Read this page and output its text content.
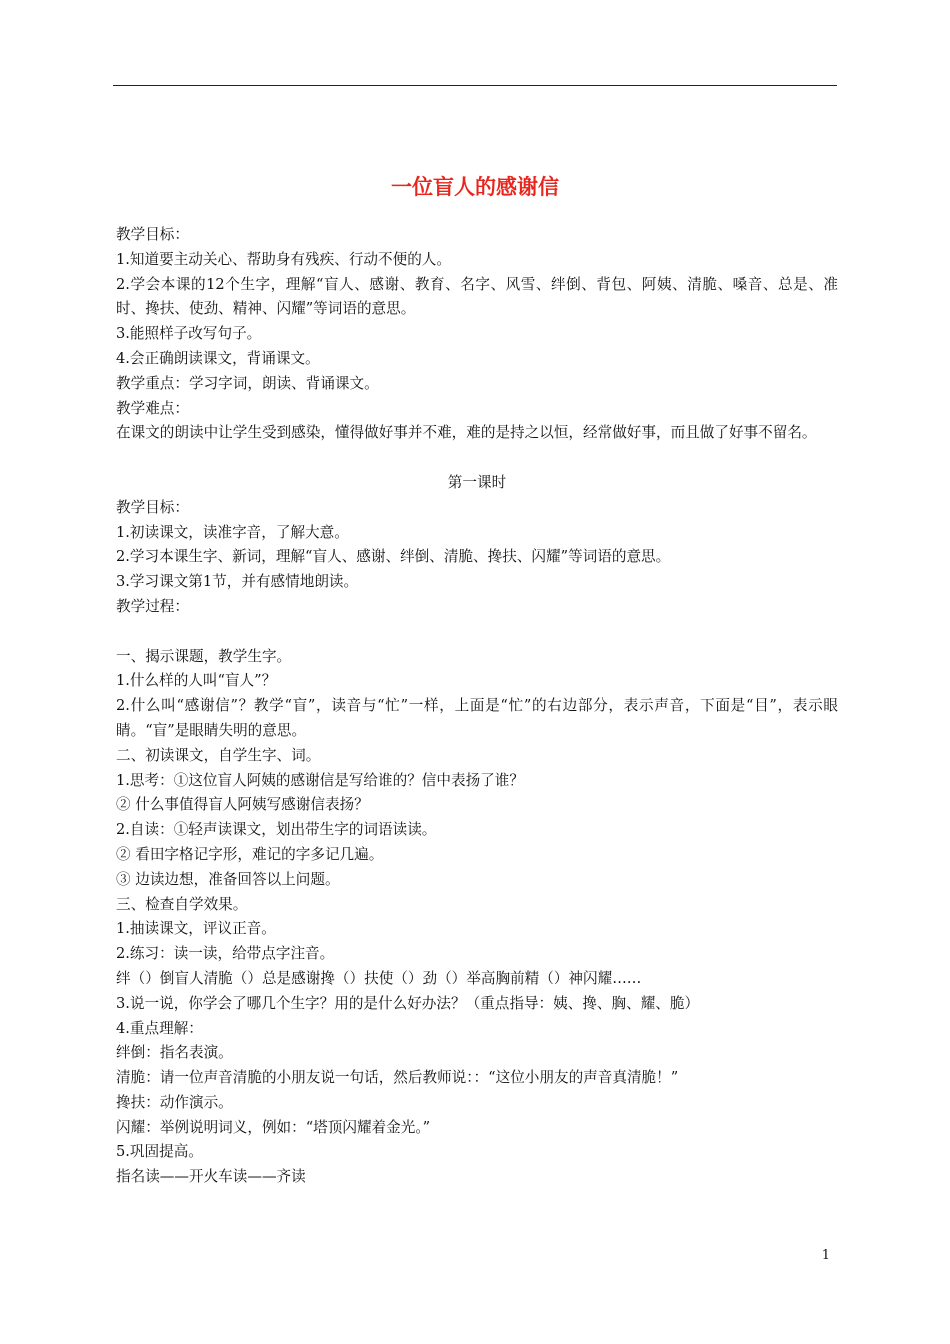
一位盲人的感谢信
教学目标：
1.知道要主动关心、帮助身有残疾、行动不便的人。
2.学会本课的12个生字，理解“盲人、感谢、教育、名字、风雪、绊倒、背包、阿姨、清脆、嗓音、总是、准时、搀扶、使劲、精神、闪耀”等词语的意思。
3.能照样子改写句子。
4.会正确朗读课文，背诵课文。
教学重点：学习字词，朗读、背诵课文。
教学难点：
在课文的朗读中让学生受到感染，懂得做好事并不难，难的是持之以恒，经常做好事，而且做了好事不留名。
第一课时
教学目标：
1.初读课文，读准字音，了解大意。
2.学习本课生字、新词，理解“盲人、感谢、绊倒、清脆、搀扶、闪耀”等词语的意思。
3.学习课文第1节，并有感情地朗读。
教学过程：
一、揭示课题，教学生字。
1.什么样的人叫“盲人”？
2.什么叫“感谢信”？教学“盲”，读音与“忙”一样，上面是“忙”的右边部分，表示声音，下面是“目”，表示眼睛。“盲”是眼睛失明的意思。
二、初读课文，自学生字、词。
1.思考：①这位盲人阿姨的感谢信是写给谁的？信中表扬了谁？
② 什么事值得盲人阿姨写感谢信表扬？
2.自读：①轻声读课文，划出带生字的词语读读。
② 看田字格记字形，难记的字多记几遍。
③ 边读边想，准备回答以上问题。
三、检查自学效果。
1.抽读课文，评议正音。
2.练习：读一读，给带点字注音。
绊（）倒盲人清脆（）总是感谢搀（）扶使（）劲（）举高胸前精（）神闪耀……
3.说一说，你学会了哪几个生字？用的是什么好办法？（重点指导：姨、搀、胸、耀、脆）
4.重点理解：
绊倒：指名表演。
清脆：请一位声音清脆的小朋友说一句话，然后教师说：：“这位小朋友的声音真清脆！”
搀扶：动作演示。
闪耀：举例说明词义，例如：“塔顶闪耀着金光。”
5.巩固提高。
指名读——开火车读——齐读
1
